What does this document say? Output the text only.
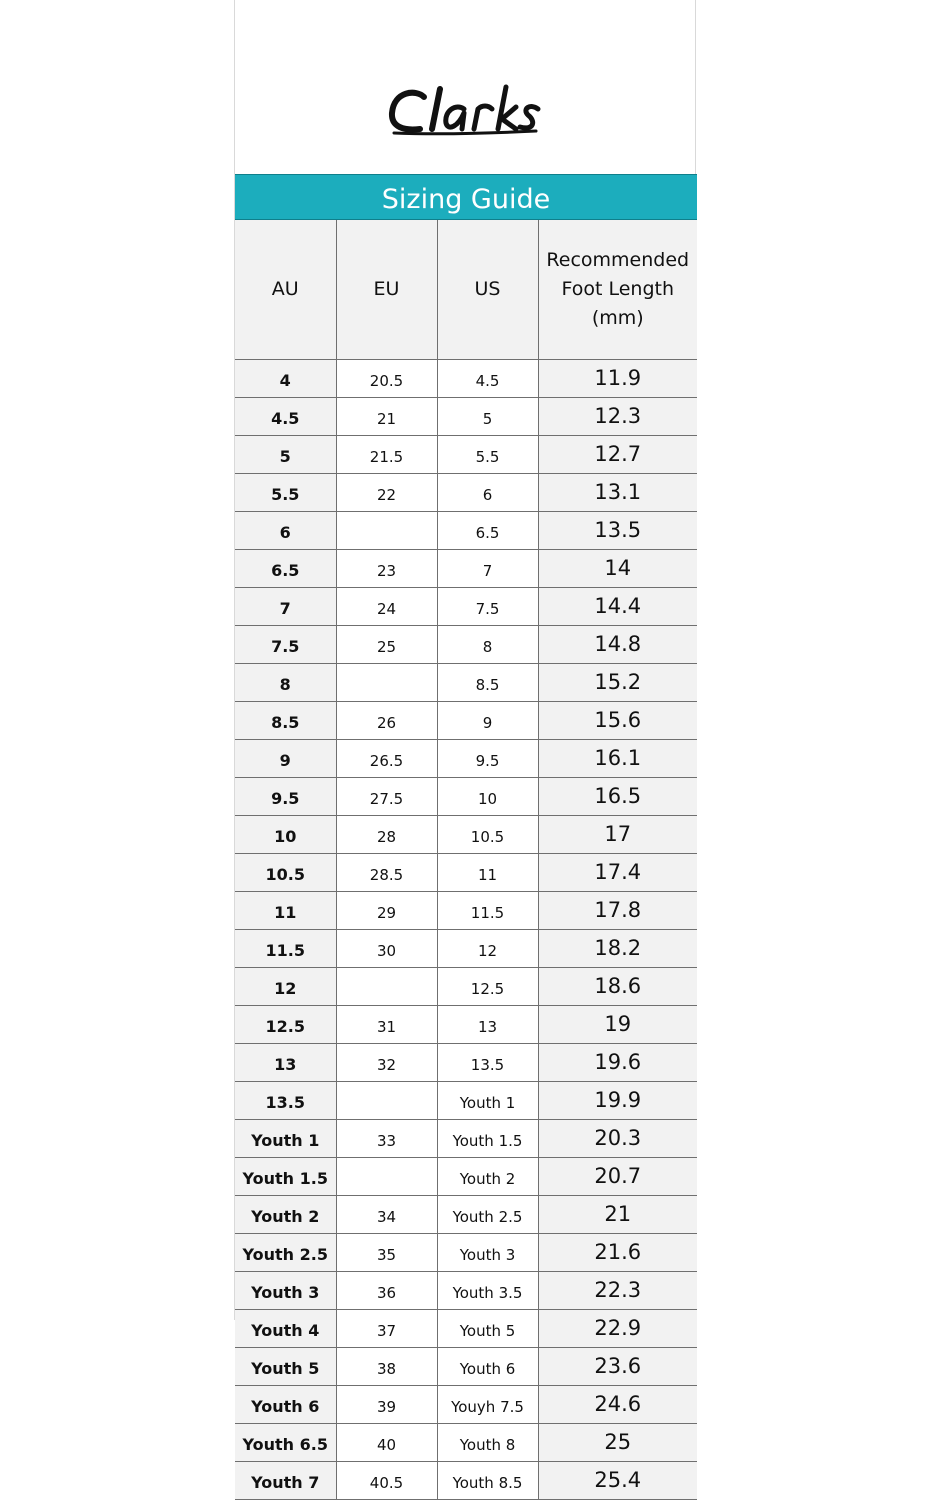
Sizing Guide
AU	EU	US	Recommended
Foot Length
(mm)
4	20.5	4.5	11.9
4.5	21	5	12.3
5	21.5	5.5	12.7
5.5	22	6	13.1
6		6.5	13.5
6.5	23	7	14
7	24	7.5	14.4
7.5	25	8	14.8
8		8.5	15.2
8.5	26	9	15.6
9	26.5	9.5	16.1
9.5	27.5	10	16.5
10	28	10.5	17
10.5	28.5	11	17.4
11	29	11.5	17.8
11.5	30	12	18.2
12		12.5	18.6
12.5	31	13	19
13	32	13.5	19.6
13.5		Youth 1	19.9
Youth 1	33	Youth 1.5	20.3
Youth 1.5		Youth 2	20.7
Youth 2	34	Youth 2.5	21
Youth 2.5	35	Youth 3	21.6
Youth 3	36	Youth 3.5	22.3
Youth 4	37	Youth 5	22.9
Youth 5	38	Youth 6	23.6
Youth 6	39	Youyh 7.5	24.6
Youth 6.5	40	Youth 8	25
Youth 7	40.5	Youth 8.5	25.4
